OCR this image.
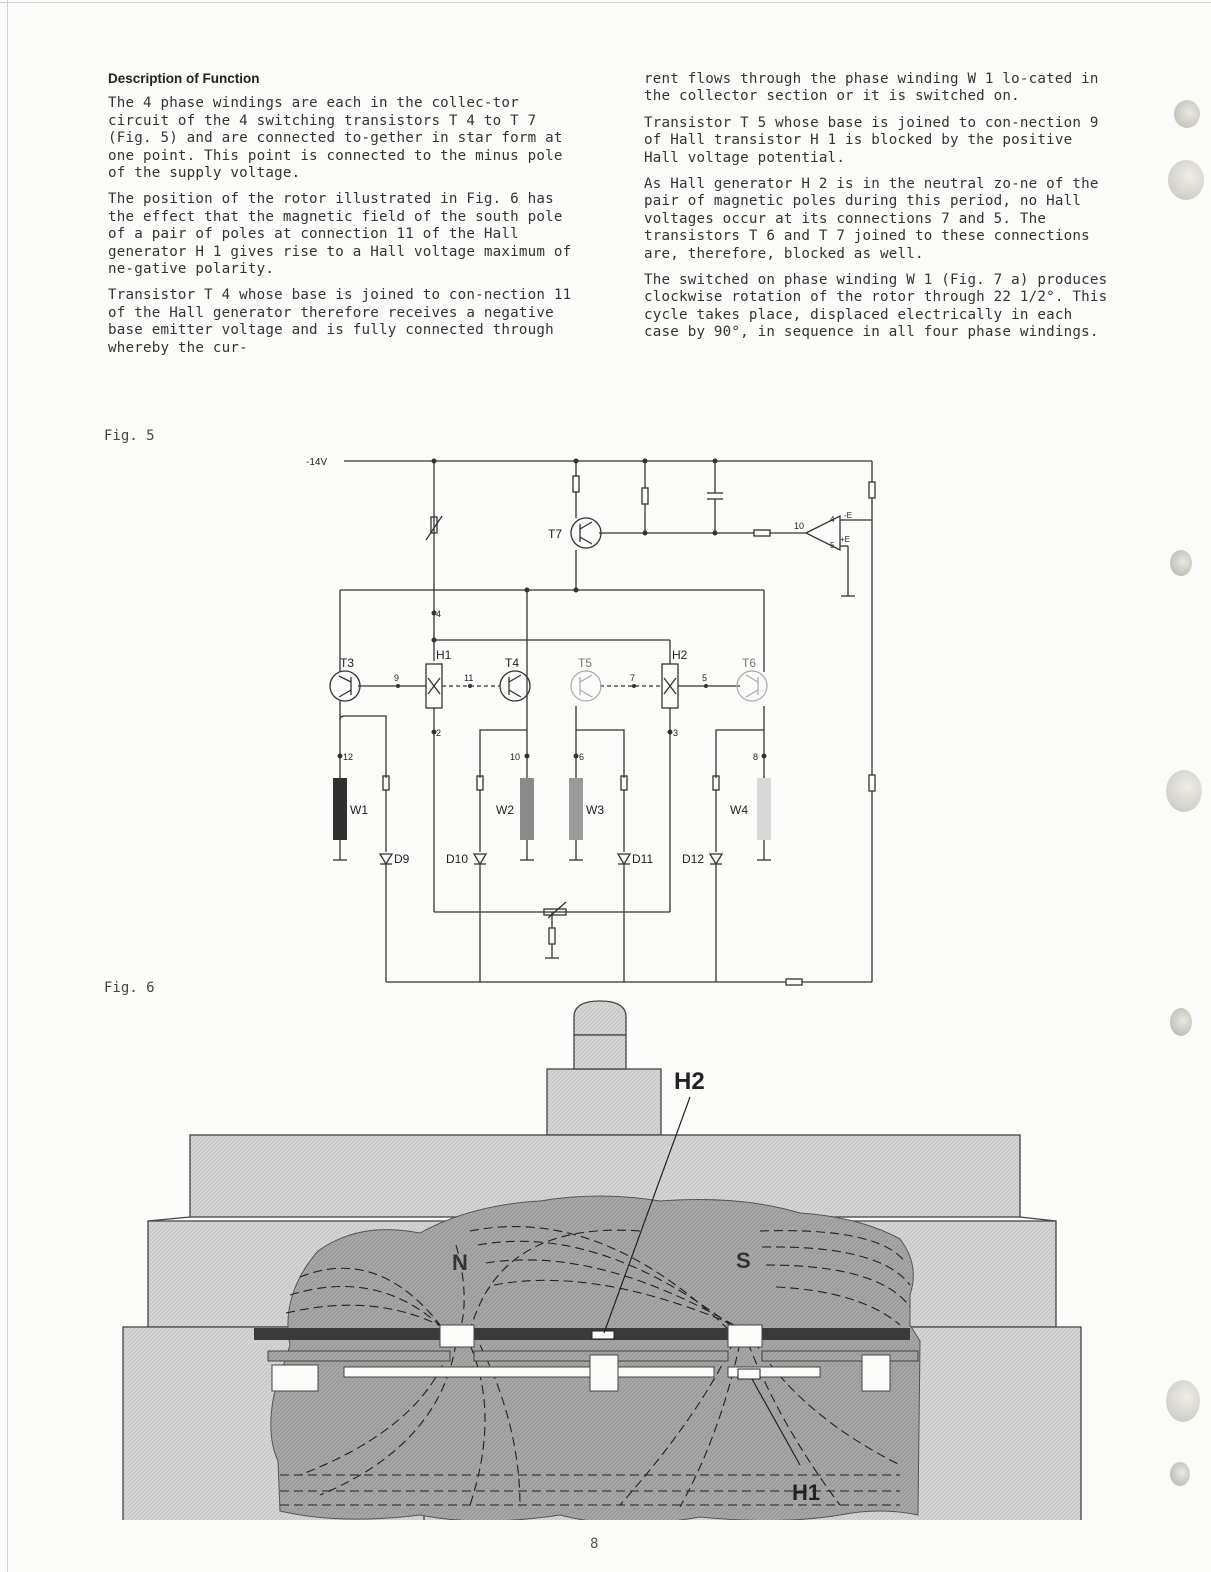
Description of Function

The 4 phase windings are each in the collec-tor circuit of the 4 switching transistors T 4 to T 7 (Fig. 5) and are connected to-gether in star form at one point. This point is connected to the minus pole of the supply voltage.

The position of the rotor illustrated in Fig. 6 has the effect that the magnetic field of the south pole of a pair of poles at connection 11 of the Hall generator H 1 gives rise to a Hall voltage maximum of ne-gative polarity.

Transistor T 4 whose base is joined to con-nection 11 of the Hall generator therefore receives a negative base emitter voltage and is fully connected through whereby the cur-

rent flows through the phase winding W 1 lo-cated in the collector section or it is switched on.

Transistor T 5 whose base is joined to con-nection 9 of Hall transistor H 1 is blocked by the positive Hall voltage potential.

As Hall generator H 2 is in the neutral zo-ne of the pair of magnetic poles during this period, no Hall voltages occur at its connections 7 and 5. The transistors T 6 and T 7 joined to these connections are, therefore, blocked as well.

The switched on phase winding W 1 (Fig. 7 a) produces clockwise rotation of the rotor through 22 1/2°. This cycle takes place, displaced electrically in each case by 90°, in sequence in all four phase windings.

Fig. 5
Fig. 6
-14V
4
9	11	7	5
2	3
12	10	6	8
10
4
5
-E
+E
T7
T3	T4	T5	T6
H1	H2
W1	W2	W3	W4
D9	D10	D11 D12
N	S
H2
H1
8
